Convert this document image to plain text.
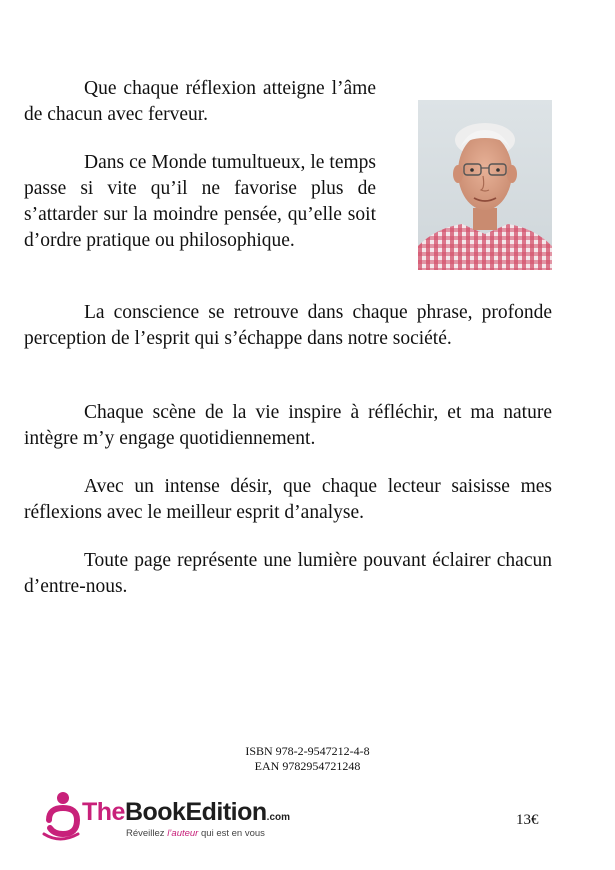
Que chaque réflexion atteigne l’âme de chacun avec ferveur.

Dans ce Monde tumultueux, le temps passe si vite qu’il ne favorise plus de s’attarder sur la moindre pensée, qu’elle soit d’ordre pratique ou philosophique.

La conscience se retrouve dans chaque phrase, profonde perception de l’esprit qui s’échappe dans notre société.

Chaque scène de la vie inspire à réfléchir, et ma nature intègre m’y engage quotidiennement.

Avec un intense désir, que chaque lecteur saisisse mes réflexions avec le meilleur esprit d’analyse.

Toute page représente une lumière pouvant éclairer chacun d’entre-nous.

ISBN 978-2-9547212-4-8
EAN 9782954721248
TheBookEdition.com
Réveillez l’auteur qui est en vous
13€
